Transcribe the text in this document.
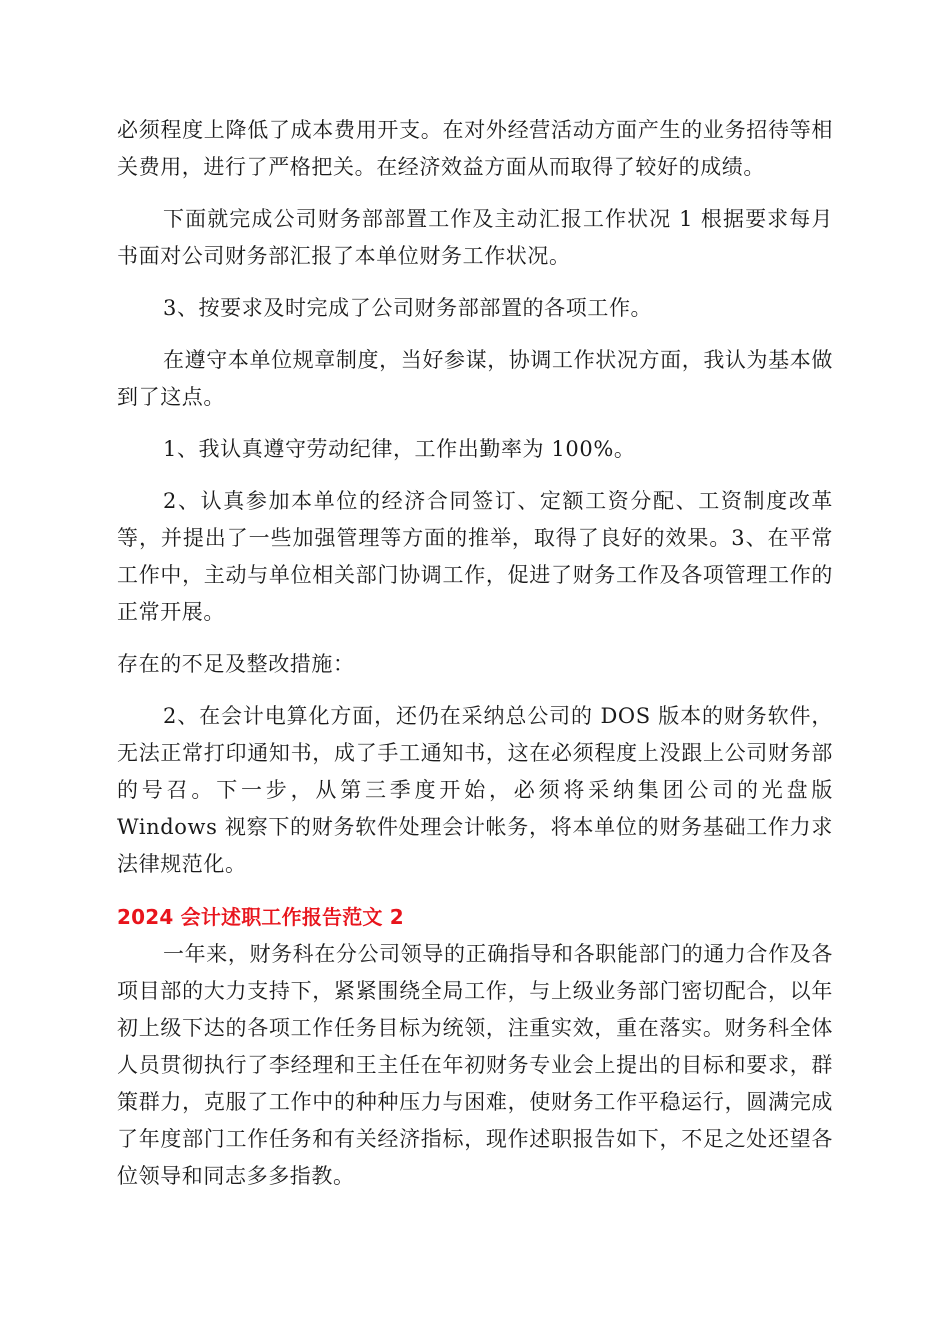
必须程度上降低了成本费用开支。在对外经营活动方面产生的业务招待等相关费用，进行了严格把关。在经济效益方面从而取得了较好的成绩。

下面就完成公司财务部部置工作及主动汇报工作状况 1 根据要求每月书面对公司财务部汇报了本单位财务工作状况。

3、按要求及时完成了公司财务部部置的各项工作。

在遵守本单位规章制度，当好参谋，协调工作状况方面，我认为基本做到了这点。

1、我认真遵守劳动纪律，工作出勤率为 100%。

2、认真参加本单位的经济合同签订、定额工资分配、工资制度改革等，并提出了一些加强管理等方面的推举，取得了良好的效果。3、在平常工作中，主动与单位相关部门协调工作，促进了财务工作及各项管理工作的正常开展。

存在的不足及整改措施：

2、在会计电算化方面，还仍在采纳总公司的 DOS 版本的财务软件，无法正常打印通知书，成了手工通知书，这在必须程度上没跟上公司财务部的号召。下一步，从第三季度开始，必须将采纳集团公司的光盘版 Windows 视察下的财务软件处理会计帐务，将本单位的财务基础工作力求法律规范化。

2024 会计述职工作报告范文 2

一年来，财务科在分公司领导的正确指导和各职能部门的通力合作及各项目部的大力支持下，紧紧围绕全局工作，与上级业务部门密切配合，以年初上级下达的各项工作任务目标为统领，注重实效，重在落实。财务科全体人员贯彻执行了李经理和王主任在年初财务专业会上提出的目标和要求，群策群力，克服了工作中的种种压力与困难，使财务工作平稳运行，圆满完成了年度部门工作任务和有关经济指标，现作述职报告如下，不足之处还望各位领导和同志多多指教。
